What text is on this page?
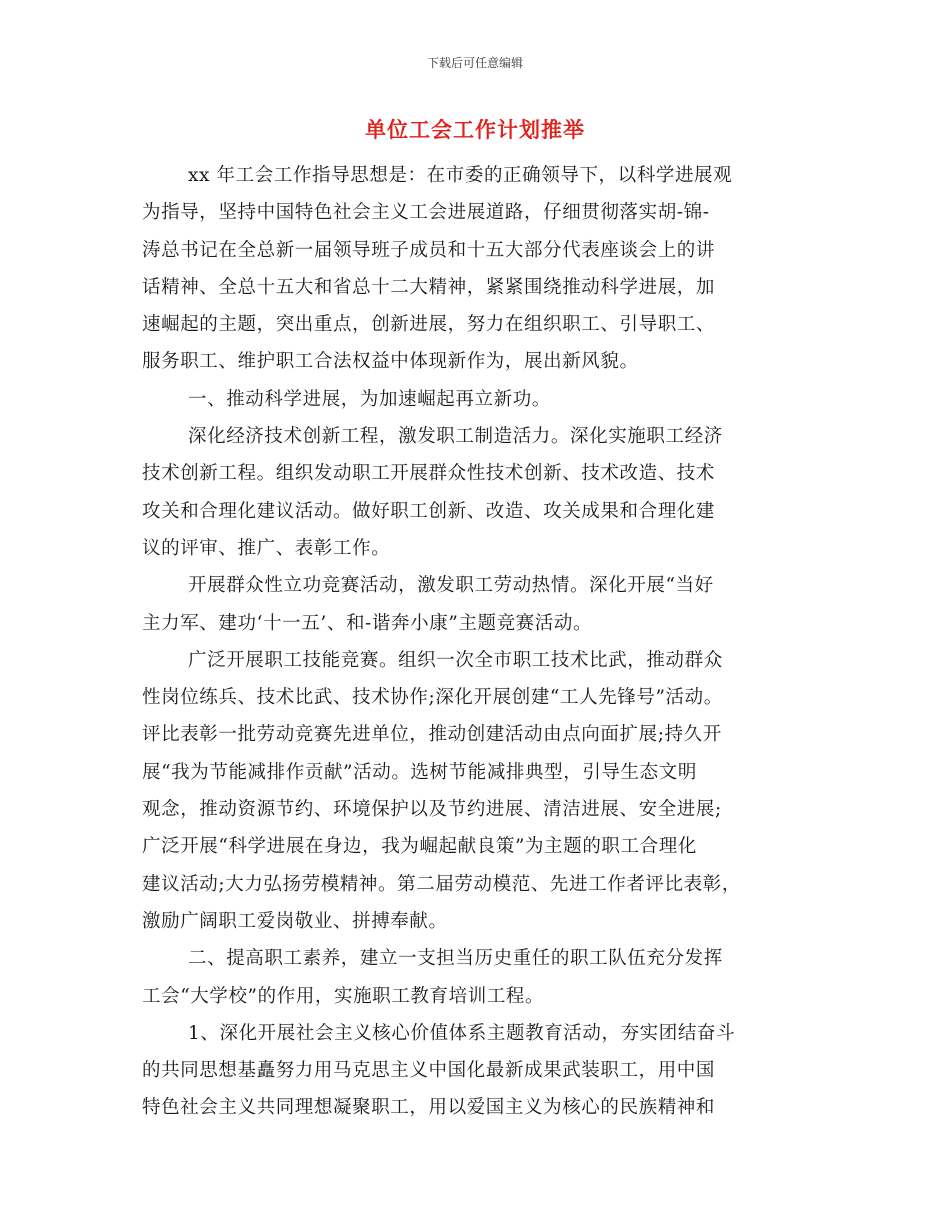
下载后可任意编辑
单位工会工作计划推举
xx 年工会工作指导思想是：在市委的正确领导下，以科学进展观
为指导，坚持中国特色社会主义工会进展道路，仔细贯彻落实胡-锦-
涛总书记在全总新一届领导班子成员和十五大部分代表座谈会上的讲
话精神、全总十五大和省总十二大精神，紧紧围绕推动科学进展，加
速崛起的主题，突出重点，创新进展，努力在组织职工、引导职工、
服务职工、维护职工合法权益中体现新作为，展出新风貌。
一、推动科学进展，为加速崛起再立新功。
深化经济技术创新工程，激发职工制造活力。深化实施职工经济
技术创新工程。组织发动职工开展群众性技术创新、技术改造、技术
攻关和合理化建议活动。做好职工创新、改造、攻关成果和合理化建
议的评审、推广、表彰工作。
开展群众性立功竞赛活动，激发职工劳动热情。深化开展“当好
主力军、建功‘十一五’、和-谐奔小康”主题竞赛活动。
广泛开展职工技能竞赛。组织一次全市职工技术比武，推动群众
性岗位练兵、技术比武、技术协作;深化开展创建“工人先锋号”活动。
评比表彰一批劳动竞赛先进单位，推动创建活动由点向面扩展;持久开
展“我为节能减排作贡献”活动。选树节能减排典型，引导生态文明
观念，推动资源节约、环境保护以及节约进展、清洁进展、安全进展;
广泛开展“科学进展在身边，我为崛起献良策”为主题的职工合理化
建议活动;大力弘扬劳模精神。第二届劳动模范、先进工作者评比表彰，
激励广阔职工爱岗敬业、拼搏奉献。
二、提高职工素养，建立一支担当历史重任的职工队伍充分发挥
工会“大学校”的作用，实施职工教育培训工程。
1、深化开展社会主义核心价值体系主题教育活动，夯实团结奋斗
的共同思想基矗努力用马克思主义中国化最新成果武装职工，用中国
特色社会主义共同理想凝聚职工，用以爱国主义为核心的民族精神和
